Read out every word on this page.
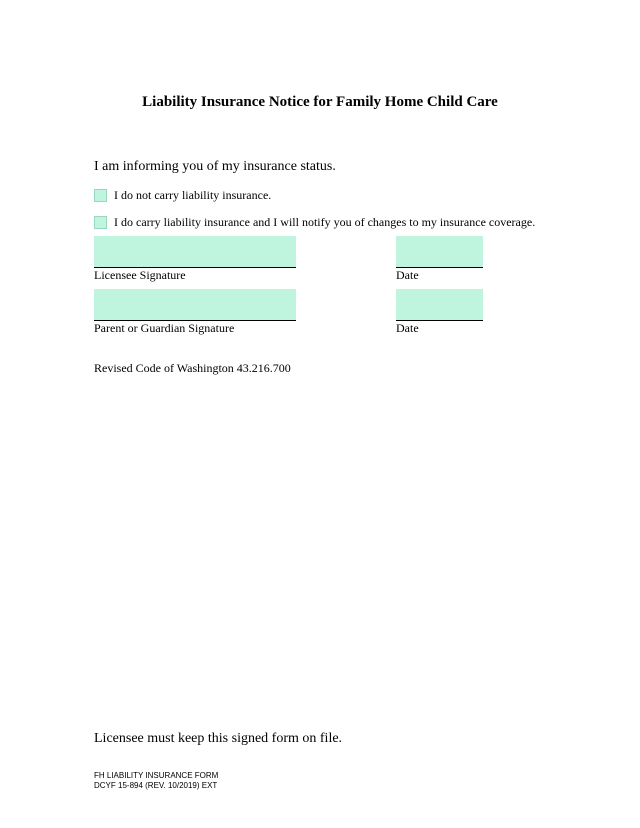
Liability Insurance Notice for Family Home Child Care
I am informing you of my insurance status.
I do not carry liability insurance.
I do carry liability insurance and I will notify you of changes to my insurance coverage.
Licensee Signature	Date
Parent or Guardian Signature	Date
Revised Code of Washington 43.216.700
Licensee must keep this signed form on file.
FH LIABILITY INSURANCE FORM
DCYF 15-894 (REV. 10/2019) EXT
